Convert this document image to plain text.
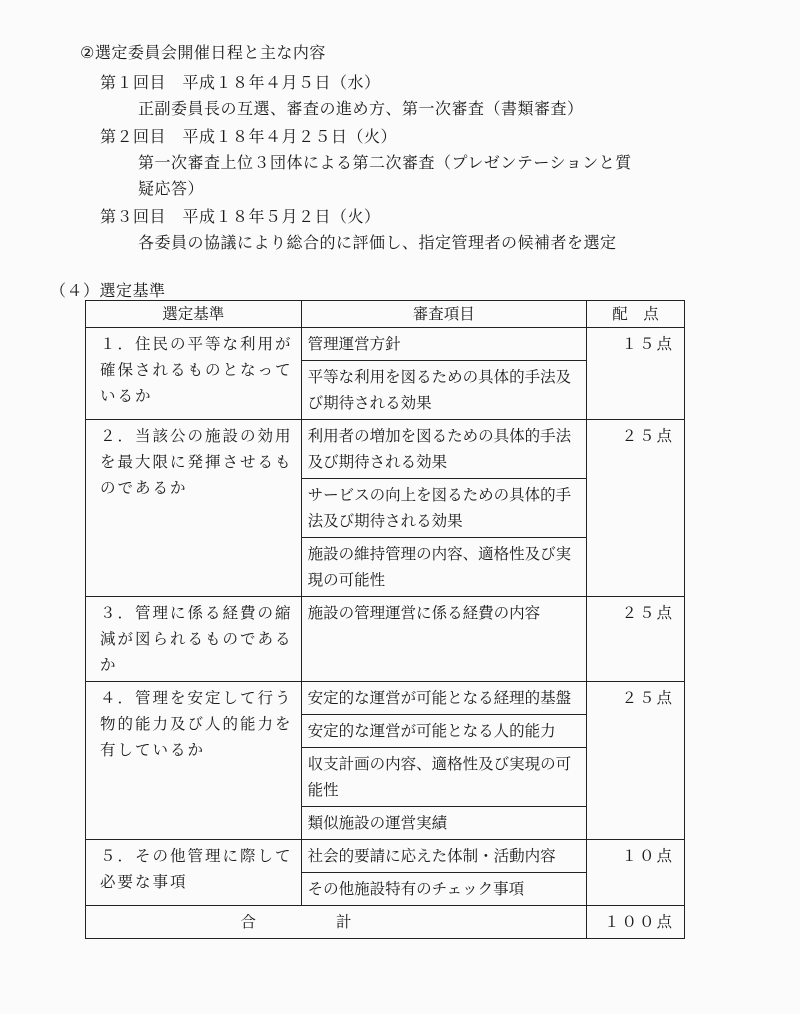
②選定委員会開催日程と主な内容
第１回目　 平成１８年４月５日（水）
正副委員長の互選、審査の進め方、第一次審査（書類審査）
第２回目　 平成１８年４月２５日（火）
第一次審査上位３団体による第二次審査（プレゼンテーションと質
疑応答）
第３回目　 平成１８年５月２日（火）
各委員の協議により総合的に評価し、指定管理者の候補者を選定
（４）選定基準
選定基準	審査項目	配　点
１．住民の平等な利用が確保されるものとなっているか	管理運営方針	１５点
	平等な利用を図るための具体的手法及び期待される効果	
２．当該公の施設の効用を最大限に発揮させるものであるか	利用者の増加を図るための具体的手法及び期待される効果	２５点
	サービスの向上を図るための具体的手法及び期待される効果	
	施設の維持管理の内容、適格性及び実現の可能性	
３．管理に係る経費の縮減が図られるものであるか	施設の管理運営に係る経費の内容	２５点
４．管理を安定して行う物的能力及び人的能力を有しているか	安定的な運営が可能となる経理的基盤	２５点
	安定的な運営が可能となる人的能力	
	収支計画の内容、適格性及び実現の可能性	
	類似施設の運営実績	
５．その他管理に際して必要な事項	社会的要請に応えた体制・活動内容	１０点
	その他施設特有のチェック事項	
合計		１００点
